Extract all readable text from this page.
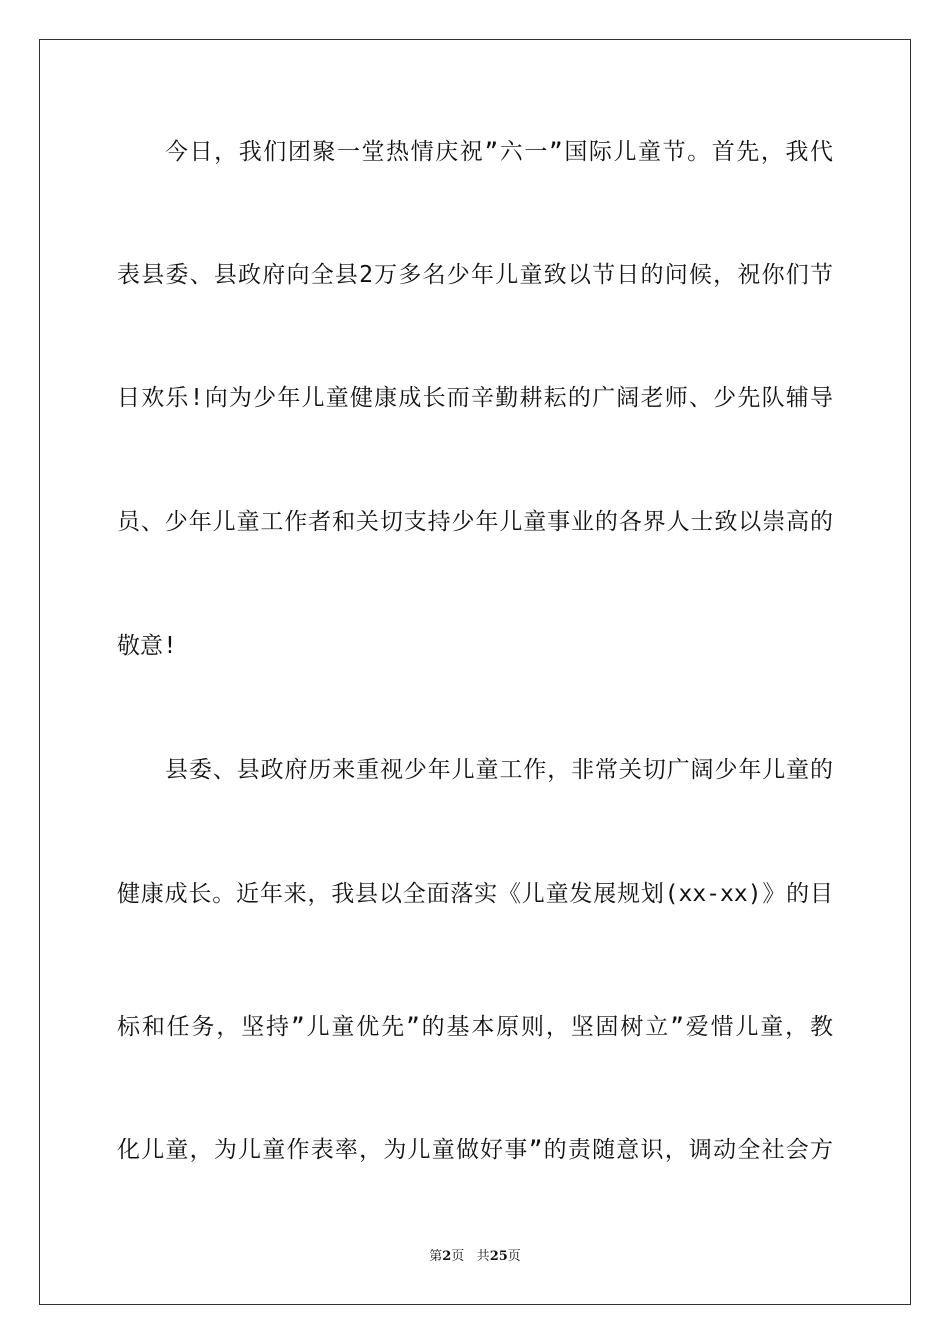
今日，我们团聚一堂热情庆祝”六一”国际儿童节。首先，我代

表县委、县政府向全县2万多名少年儿童致以节日的问候，祝你们节

日欢乐!向为少年儿童健康成长而辛勤耕耘的广阔老师、少先队辅导

员、少年儿童工作者和关切支持少年儿童事业的各界人士致以崇高的

敬意!

县委、县政府历来重视少年儿童工作，非常关切广阔少年儿童的

健康成长。近年来，我县以全面落实《儿童发展规划(xx-xx)》的目

标和任务，坚持”儿童优先”的基本原则，坚固树立”爱惜儿童，教

化儿童，为儿童作表率，为儿童做好事”的责随意识，调动全社会方

第2页 共25页
